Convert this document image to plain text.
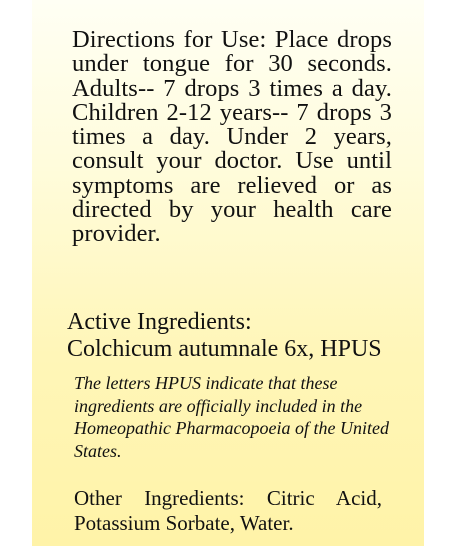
Directions for Use: Place drops under tongue for 30 seconds. Adults-- 7 drops 3 times a day. Children 2-12 years-- 7 drops 3 times a day. Under 2 years, consult your doctor. Use until symptoms are relieved or as directed by your health care provider.

Active Ingredients:
Colchicum autumnale 6x, HPUS

The letters HPUS indicate that these ingredients are officially included in the Homeopathic Pharmacopoeia of the United States.

Other Ingredients: Citric Acid, Potassium Sorbate, Water.
